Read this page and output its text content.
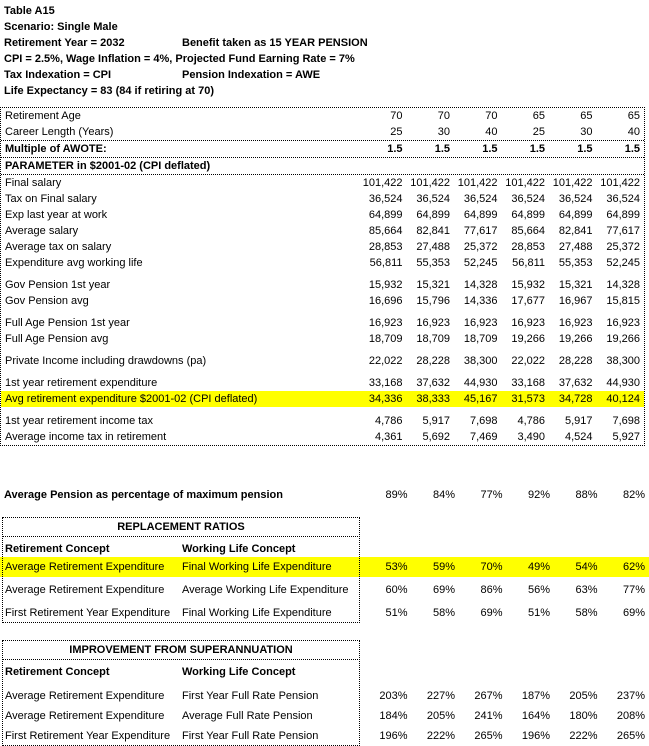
Table A15
Scenario: Single Male
Retirement Year = 2032	Benefit taken as 15 YEAR PENSION
CPI = 2.5%, Wage Inflation = 4%, Projected Fund Earning Rate = 7%
Tax Indexation = CPI	Pension Indexation = AWE
Life Expectancy = 83 (84 if retiring at 70)
Retirement Age	70	70	70	65	65	65
Career Length (Years)	25	30	40	25	30	40
Multiple of AWOTE:	1.5	1.5	1.5	1.5	1.5	1.5
PARAMETER in $2001-02 (CPI deflated)
Final salary	101,422 101,422 101,422 101,422 101,422 101,422
Tax on Final salary	36,524	36,524	36,524	36,524	36,524	36,524
Exp last year at work	64,899	64,899	64,899	64,899	64,899	64,899
Average salary	85,664	82,841	77,617	85,664	82,841	77,617
Average tax on salary	28,853	27,488	25,372	28,853	27,488	25,372
Expenditure avg working life	56,811	55,353	52,245	56,811	55,353	52,245
Gov Pension 1st year	15,932	15,321	14,328	15,932	15,321	14,328
Gov Pension avg	16,696	15,796	14,336	17,677	16,967	15,815
Full Age Pension 1st year	16,923	16,923	16,923	16,923	16,923	16,923
Full Age Pension avg	18,709	18,709	18,709	19,266	19,266	19,266
Private Income including drawdowns (pa)	22,022	28,228	38,300	22,022	28,228	38,300
1st year retirement expenditure	33,168	37,632	44,930	33,168	37,632	44,930
Avg retirement expenditure $2001-02 (CPI deflated)	34,336	38,333	45,167	31,573	34,728	40,124
1st year retirement income tax	4,786	5,917	7,698	4,786	5,917	7,698
Average income tax in retirement	4,361	5,692	7,469	3,490	4,524	5,927
Average Pension as percentage of maximum pension	89%	84%	77%	92%	88%	82%
REPLACEMENT RATIOS
Retirement Concept	Working Life Concept
Average Retirement Expenditure	Final Working Life Expenditure	53%	59%	70%	49%	54%	62%
Average Retirement Expenditure	Average Working Life Expenditure	60%	69%	86%	56%	63%	77%
First Retirement Year Expenditure	Final Working Life Expenditure	51%	58%	69%	51%	58%	69%
IMPROVEMENT FROM SUPERANNUATION
Retirement Concept	Working Life Concept
Average Retirement Expenditure	First Year Full Rate Pension	203%	227%	267%	187%	205%	237%
Average Retirement Expenditure	Average Full Rate Pension	184%	205%	241%	164%	180%	208%
First Retirement Year Expenditure	First Year Full Rate Pension	196%	222%	265%	196%	222%	265%
